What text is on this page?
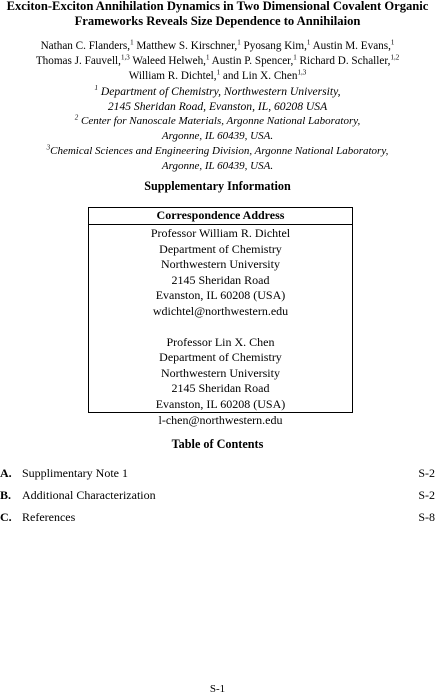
Exciton-Exciton Annihilation Dynamics in Two Dimensional Covalent Organic
Frameworks Reveals Size Dependence to Annihilaion
Nathan C. Flanders,$^1$ Matthew S. Kirschner,$^1$ Pyosang Kim,$^1$ Austin M. Evans,$^1$
Thomas J. Fauvell,$^{1,3}$ Waleed Helweh,$^1$ Austin P. Spencer,$^1$ Richard D. Schaller,$^{1,2}$
William R. Dichtel,$^1$ and Lin X. Chen$^{1,3}$
$^1$ Department of Chemistry, Northwestern University,
2145 Sheridan Road, Evanston, IL, 60208 USA
$^2$ Center for Nanoscale Materials, Argonne National Laboratory,
Argonne, IL 60439, USA.
$^3$Chemical Sciences and Engineering Division, Argonne National Laboratory,
Argonne, IL 60439, USA.
Supplementary Information
Correspondence Address
Professor William R. Dichtel
Department of Chemistry
Northwestern University
2145 Sheridan Road
Evanston, IL 60208 (USA)
wdichtel@northwestern.edu
Professor Lin X. Chen
Department of Chemistry
Northwestern University
2145 Sheridan Road
Evanston, IL 60208 (USA)
l-chen@northwestern.edu
Table of Contents
A. Supplimentary Note 1	S-2
B. Additional Characterization	S-2
C. References	S-8
S-1
